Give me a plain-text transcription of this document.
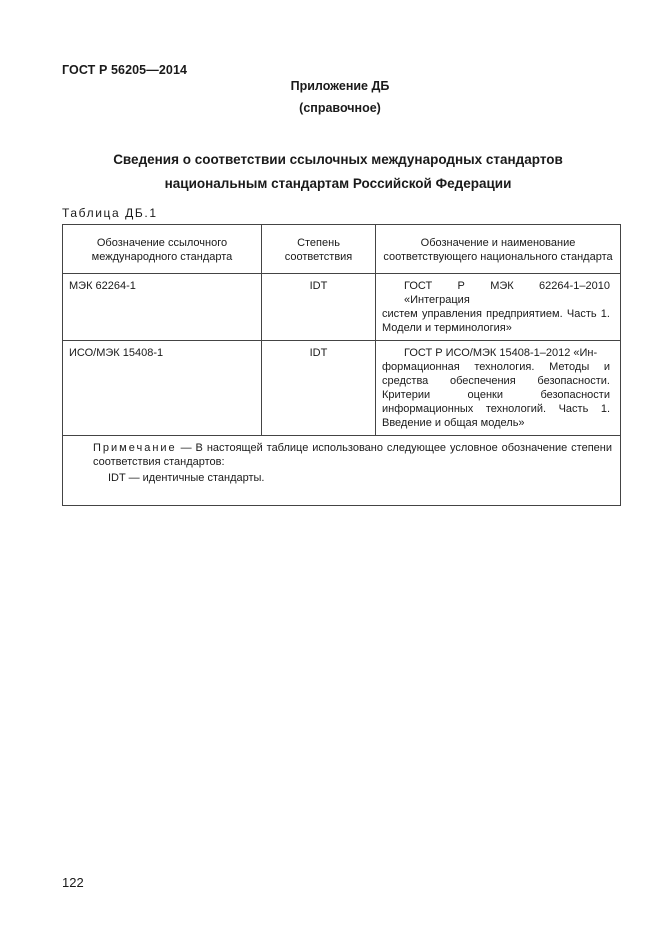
ГОСТ Р 56205—2014
Приложение ДБ
(справочное)
Сведения о соответствии ссылочных международных стандартов
национальным стандартам Российской Федерации
Таблица ДБ.1
Обозначение ссылочного международного стандарта	Степень соответствия	Обозначение и наименование соответствующего национального стандарта
МЭК 62264-1	IDT	ГОСТ Р МЭК 62264-1–2010 «Интеграция
систем управления предприятием. Часть 1. Модели и терминология»

ИСО/МЭК 15408-1	IDT	ГОСТ Р ИСО/МЭК 15408-1–2012 «Ин-
формационная технология. Методы и средства обеспечения безопасности. Критерии оценки безопасности информационных технологий. Часть 1. Введение и общая модель»

Примечание — В настоящей таблице использовано следующее условное обозначение степени соответствия стандартов:
IDT — идентичные стандарты.		
122
